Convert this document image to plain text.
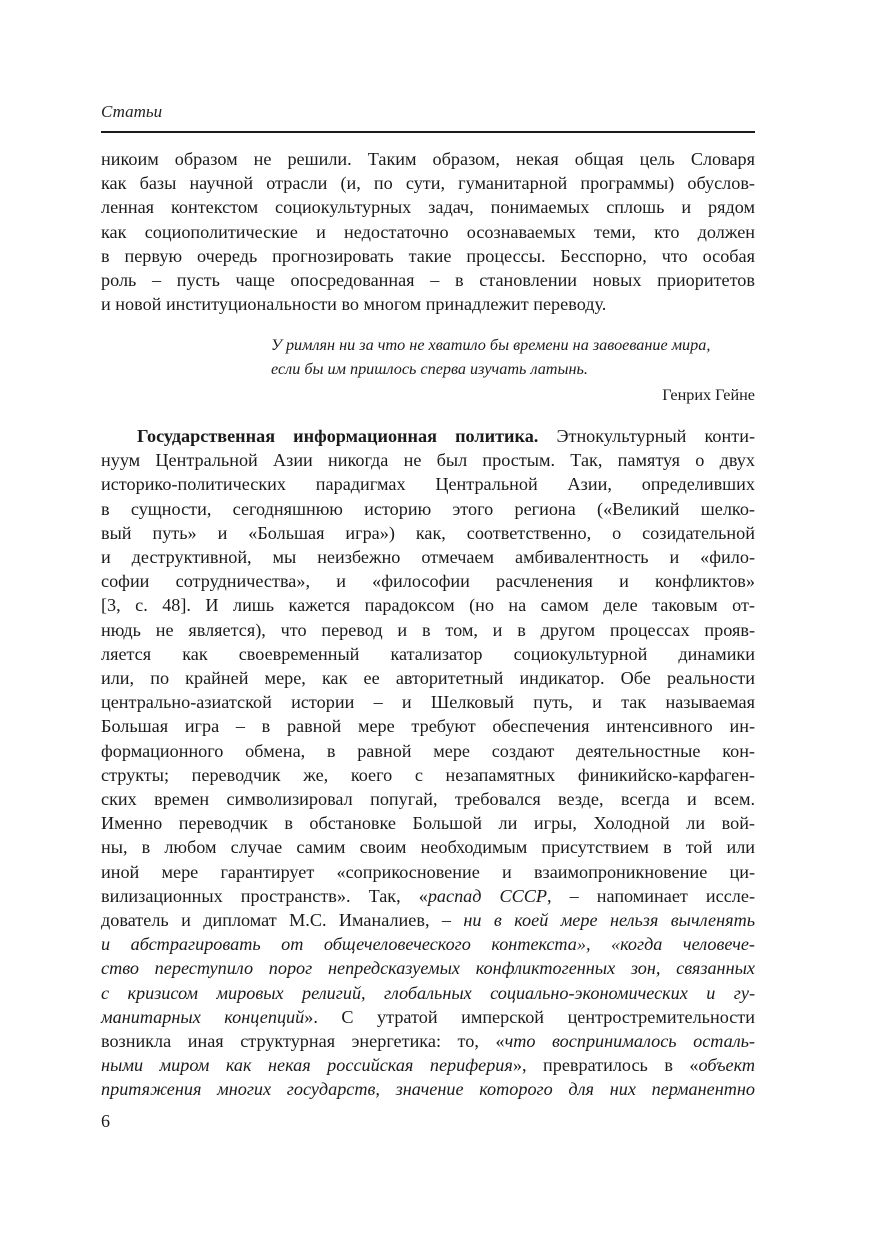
Статьи
никоим образом не решили. Таким образом, некая общая цель Словаря
как базы научной отрасли (и, по сути, гуманитарной программы) обуслов-
ленная контекстом социокультурных задач, понимаемых сплошь и рядом
как социополитические и недостаточно осознаваемых теми, кто должен
в первую очередь прогнозировать такие процессы. Бесспорно, что особая
роль – пусть чаще опосредованная – в становлении новых приоритетов
и новой институциональности во многом принадлежит переводу.
У римлян ни за что не хватило бы времени на завоевание мира,
если бы им пришлось сперва изучать латынь.
Генрих Гейне
Государственная информационная политика. Этнокультурный конти-
нуум Центральной Азии никогда не был простым. Так, памятуя о двух
историко-политических парадигмах Центральной Азии, определивших
в сущности, сегодняшнюю историю этого региона («Великий шелко-
вый путь» и «Большая игра») как, соответственно, о созидательной
и деструктивной, мы неизбежно отмечаем амбивалентность и «фило-
софии сотрудничества», и «философии расчленения и конфликтов»
[3, с. 48]. И лишь кажется парадоксом (но на самом деле таковым от-
нюдь не является), что перевод и в том, и в другом процессах прояв-
ляется как своевременный катализатор социокультурной динамики
или, по крайней мере, как ее авторитетный индикатор. Обе реальности
центрально-азиатской истории – и Шелковый путь, и так называемая
Большая игра – в равной мере требуют обеспечения интенсивного ин-
формационного обмена, в равной мере создают деятельностные кон-
структы; переводчик же, коего с незапамятных финикийско-карфаген-
ских времен символизировал попугай, требовался везде, всегда и всем.
Именно переводчик в обстановке Большой ли игры, Холодной ли вой-
ны, в любом случае самим своим необходимым присутствием в той или
иной мере гарантирует «соприкосновение и взаимопроникновение ци-
вилизационных пространств». Так, «распад СССР, – напоминает иссле-
дователь и дипломат М.С. Иманалиев, – ни в коей мере нельзя вычленять
и абстрагировать от общечеловеческого контекста», «когда человече-
ство переступило порог непредсказуемых конфликтогенных зон, связанных
с кризисом мировых религий, глобальных социально-экономических и гу-
манитарных концепций». С утратой имперской центростремительности
возникла иная структурная энергетика: то, «что воспринималось осталь-
ными миром как некая российская периферия», превратилось в «объект
притяжения многих государств, значение которого для них перманентно
6
